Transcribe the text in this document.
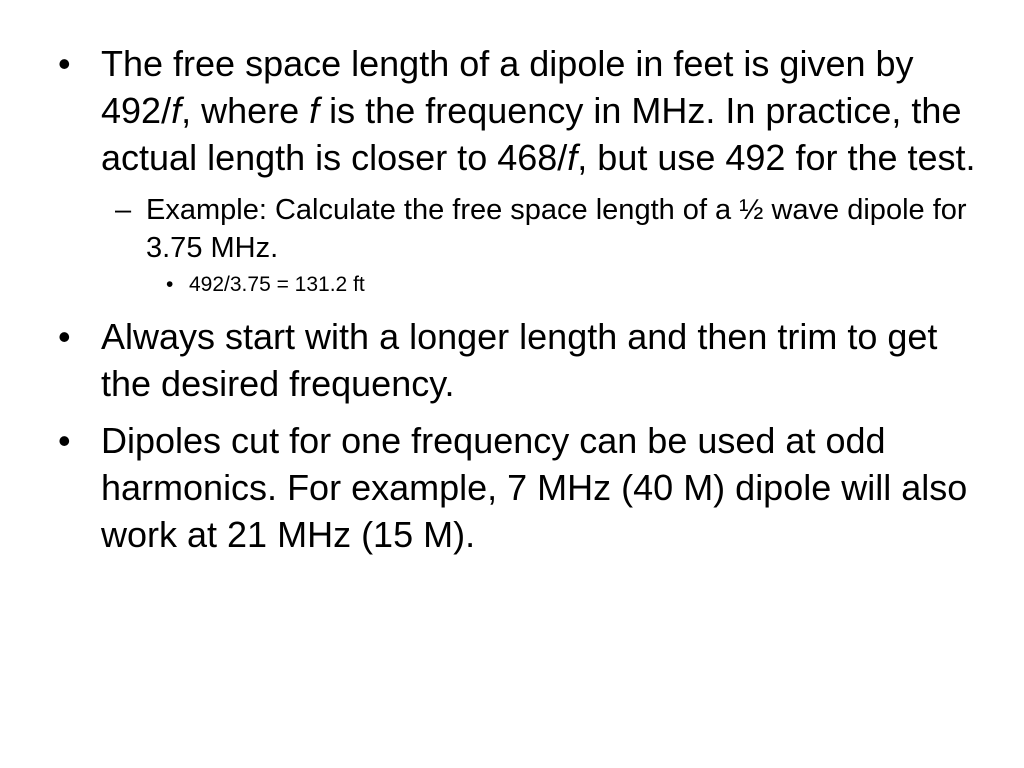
• The free space length of a dipole in feet is given by 492/f, where f is the frequency in MHz. In practice, the actual length is closer to 468/f, but use 492 for the test.
– Example: Calculate the free space length of a ½ wave dipole for 3.75 MHz.
• 492/3.75 = 131.2 ft
• Always start with a longer length and then trim to get the desired frequency.
• Dipoles cut for one frequency can be used at odd harmonics. For example, 7 MHz (40 M) dipole will also work at 21 MHz (15 M).
